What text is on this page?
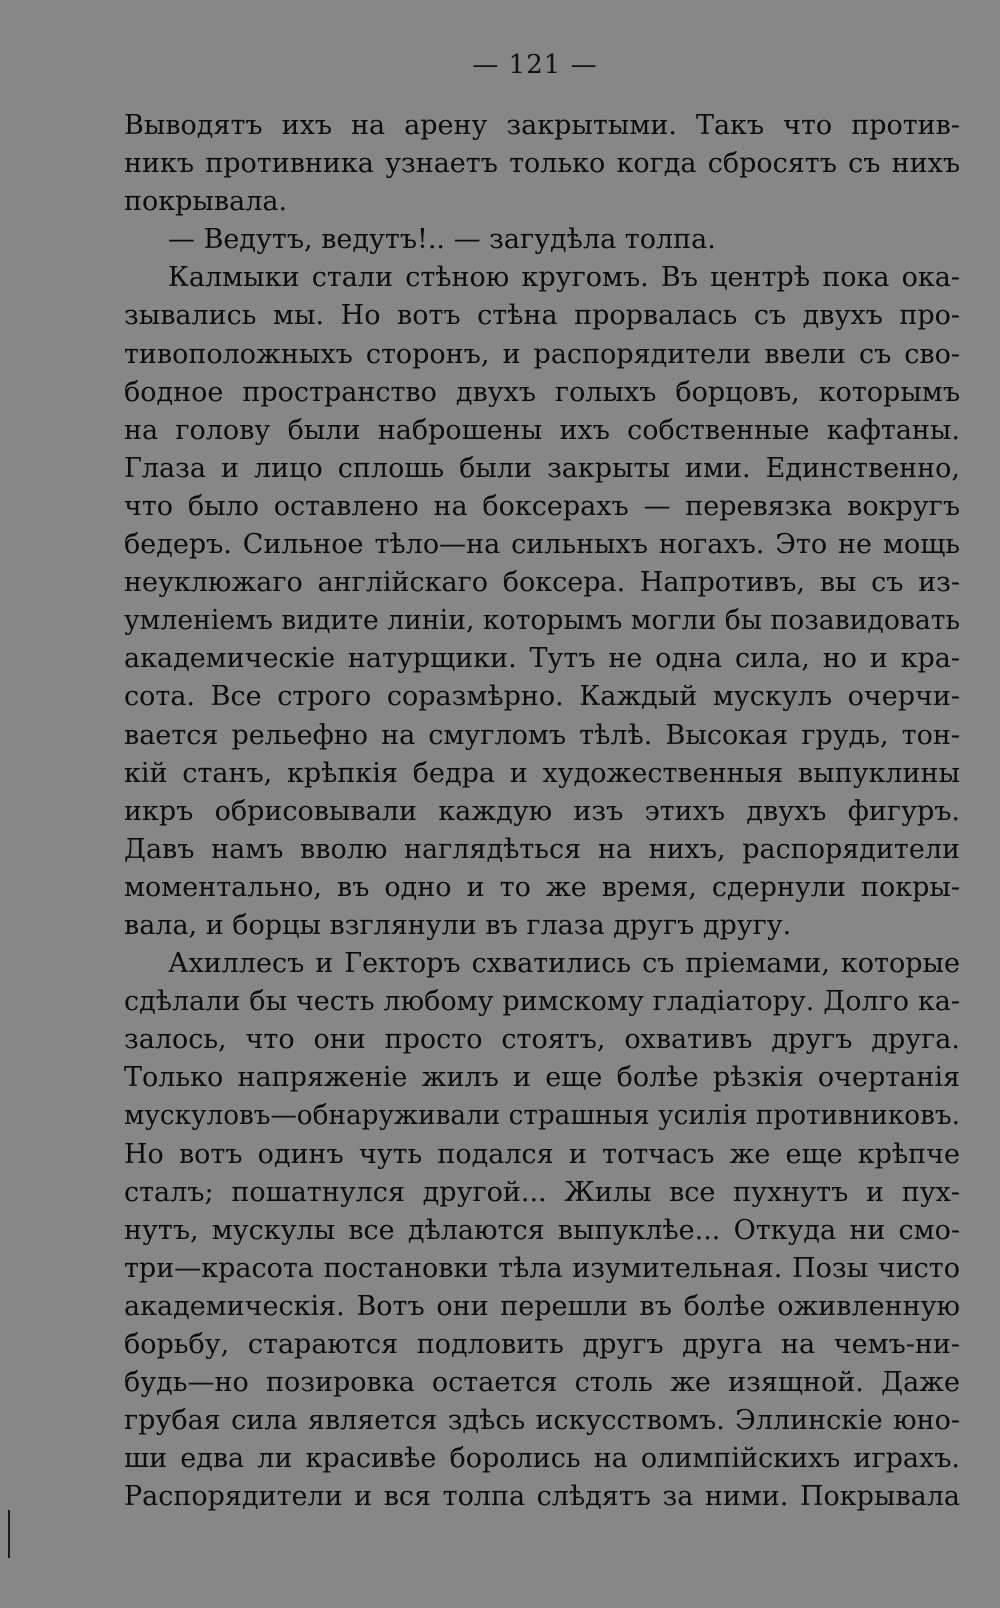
— 121 —
Выводятъ ихъ на арену закрытыми. Такъ что против-
никъ противника узнаетъ только когда сбросятъ съ нихъ
покрывала.
— Ведутъ, ведутъ!.. — загудѣла толпа.
Калмыки стали стѣною кругомъ. Въ центрѣ пока ока-
зывались мы. Но вотъ стѣна прорвалась съ двухъ про-
тивоположныхъ сторонъ, и распорядители ввели съ сво-
бодное пространство двухъ голыхъ борцовъ, которымъ
на голову были наброшены ихъ собственные кафтаны.
Глаза и лицо сплошь были закрыты ими. Единственно,
что было оставлено на боксерахъ — перевязка вокругъ
бедеръ. Сильное тѣло—на сильныхъ ногахъ. Это не мощь
неуклюжаго англійскаго боксера. Напротивъ, вы съ из-
умленіемъ видите линіи, которымъ могли бы позавидовать
академическіе натурщики. Тутъ не одна сила, но и кра-
сота. Все строго соразмѣрно. Каждый мускулъ очерчи-
вается рельефно на смугломъ тѣлѣ. Высокая грудь, тон-
кій станъ, крѣпкія бедра и художественныя выпуклины
икръ обрисовывали каждую изъ этихъ двухъ фигуръ.
Давъ намъ вволю наглядѣться на нихъ, распорядители
моментально, въ одно и то же время, сдернули покры-
вала, и борцы взглянули въ глаза другъ другу.
Ахиллесъ и Гекторъ схватились съ пріемами, которые
сдѣлали бы честь любому римскому гладіатору. Долго ка-
залось, что они просто стоятъ, охвативъ другъ друга.
Только напряженіе жилъ и еще болѣе рѣзкія очертанія
мускуловъ—обнаруживали страшныя усилія противниковъ.
Но вотъ одинъ чуть подался и тотчасъ же еще крѣпче
сталъ; пошатнулся другой... Жилы все пухнутъ и пух-
нутъ, мускулы все дѣлаются выпуклѣе... Откуда ни смо-
три—красота постановки тѣла изумительная. Позы чисто
академическія. Вотъ они перешли въ болѣе оживленную
борьбу, стараются подловить другъ друга на чемъ-ни-
будь—но позировка остается столь же изящной. Даже
грубая сила является здѣсь искусствомъ. Эллинскіе юно-
ши едва ли красивѣе боролись на олимпійскихъ играхъ.
Распорядители и вся толпа слѣдятъ за ними. Покрывала
